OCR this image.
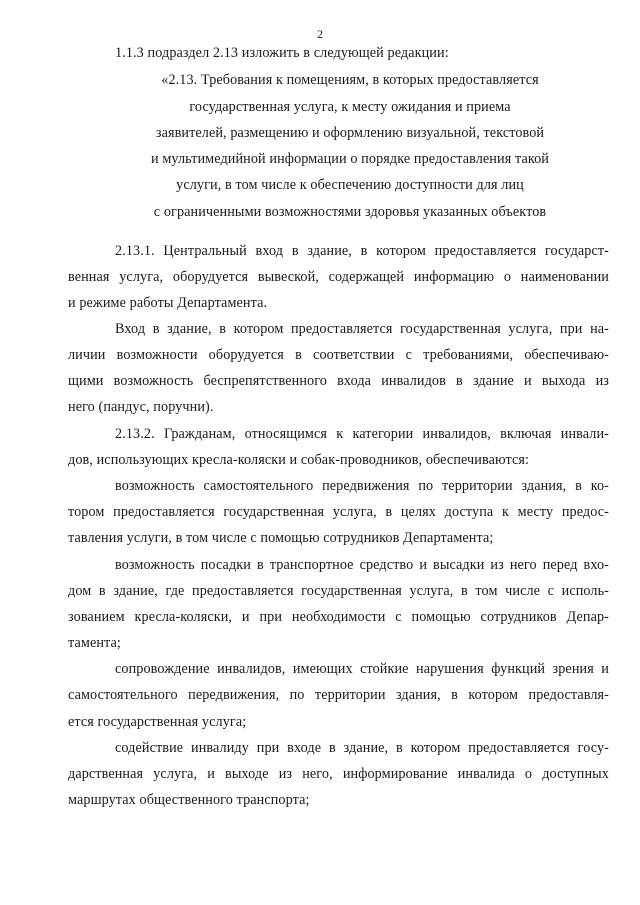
2
1.1.3 подраздел 2.13 изложить в следующей редакции:
«2.13. Требования к помещениям, в которых предоставляется
государственная услуга, к месту ожидания и приема
заявителей, размещению и оформлению визуальной, текстовой
и мультимедийной информации о порядке предоставления такой
услуги, в том числе к обеспечению доступности для лиц
с ограниченными возможностями здоровья указанных объектов
2.13.1. Центральный вход в здание, в котором предоставляется государст-
венная услуга, оборудуется вывеской, содержащей информацию о наименовании
и режиме работы Департамента.
Вход в здание, в котором предоставляется государственная услуга, при на-
личии возможности оборудуется в соответствии с требованиями, обеспечиваю-
щими возможность беспрепятственного входа инвалидов в здание и выхода из
него (пандус, поручни).
2.13.2. Гражданам, относящимся к категории инвалидов, включая инвали-
дов, использующих кресла-коляски и собак-проводников, обеспечиваются:
возможность самостоятельного передвижения по территории здания, в ко-
тором предоставляется государственная услуга, в целях доступа к месту предос-
тавления услуги, в том числе с помощью сотрудников Департамента;
возможность посадки в транспортное средство и высадки из него перед вхо-
дом в здание, где предоставляется государственная услуга, в том числе с исполь-
зованием кресла-коляски, и при необходимости с помощью сотрудников Депар-
тамента;
сопровождение инвалидов, имеющих стойкие нарушения функций зрения и
самостоятельного передвижения, по территории здания, в котором предоставля-
ется государственная услуга;
содействие инвалиду при входе в здание, в котором предоставляется госу-
дарственная услуга, и выходе из него, информирование инвалида о доступных
маршрутах общественного транспорта;
